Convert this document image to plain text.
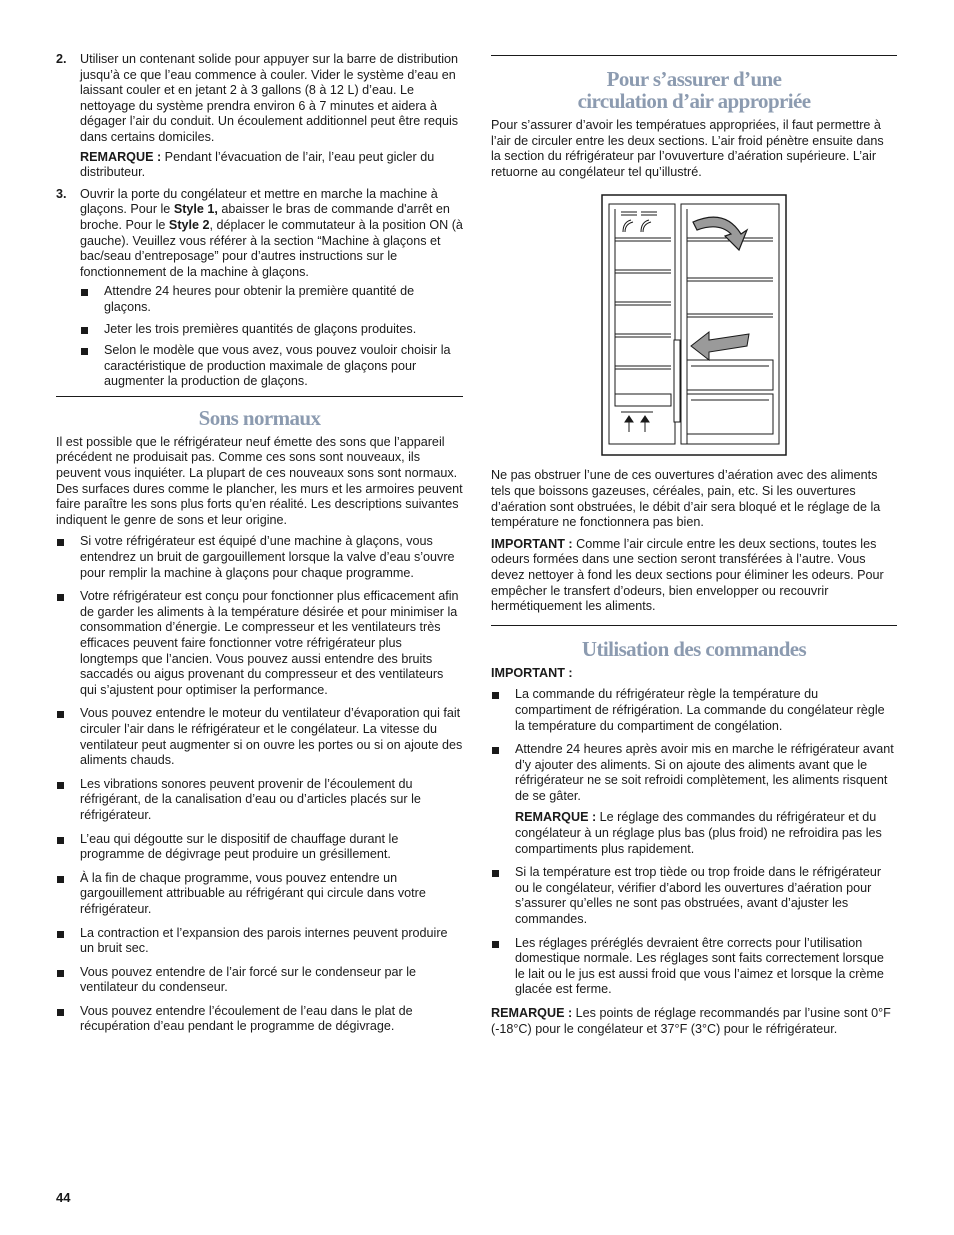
2. Utiliser un contenant solide pour appuyer sur la barre de distribution jusqu’à ce que l’eau commence à couler. Vider le système d’eau en laissant couler et en jetant 2 à 3 gallons (8 à 12 L) d’eau. Le nettoyage du système prendra environ 6 à 7 minutes et aidera à dégager l’air du conduit. Un écoulement additionnel peut être requis dans certains domiciles.

REMARQUE : Pendant l’évacuation de l’air, l’eau peut gicler du distributeur.

3. Ouvrir la porte du congélateur et mettre en marche la machine à glaçons. Pour le Style 1, abaisser le bras de commande d'arrêt en broche. Pour le Style 2, déplacer le commutateur à la position ON (à gauche). Veuillez vous référer à la section “Machine à glaçons et bac/seau d’entreposage” pour d’autres instructions sur le fonctionnement de la machine à glaçons.

Attendre 24 heures pour obtenir la première quantité de glaçons.
Jeter les trois premières quantités de glaçons produites.
Selon le modèle que vous avez, vous pouvez vouloir choisir la caractéristique de production maximale de glaçons pour augmenter la production de glaçons.
Sons normaux

Il est possible que le réfrigérateur neuf émette des sons que l’appareil précédent ne produisait pas. Comme ces sons sont nouveaux, ils peuvent vous inquiéter. La plupart de ces nouveaux sons sont normaux. Des surfaces dures comme le plancher, les murs et les armoires peuvent faire paraître les sons plus forts qu’en réalité. Les descriptions suivantes indiquent le genre de sons et leur origine.

Si votre réfrigérateur est équipé d’une machine à glaçons, vous entendrez un bruit de gargouillement lorsque la valve d’eau s’ouvre pour remplir la machine à glaçons pour chaque programme.
Votre réfrigérateur est conçu pour fonctionner plus efficacement afin de garder les aliments à la température désirée et pour minimiser la consommation d’énergie. Le compresseur et les ventilateurs très efficaces peuvent faire fonctionner votre réfrigérateur plus longtemps que l’ancien. Vous pouvez aussi entendre des bruits saccadés ou aigus provenant du compresseur et des ventilateurs qui s’ajustent pour optimiser la performance.
Vous pouvez entendre le moteur du ventilateur d’évaporation qui fait circuler l’air dans le réfrigérateur et le congélateur. La vitesse du ventilateur peut augmenter si on ouvre les portes ou si on ajoute des aliments chauds.
Les vibrations sonores peuvent provenir de l’écoulement du réfrigérant, de la canalisation d’eau ou d’articles placés sur le réfrigérateur.
L’eau qui dégoutte sur le dispositif de chauffage durant le programme de dégivrage peut produire un grésillement.
À la fin de chaque programme, vous pouvez entendre un gargouillement attribuable au réfrigérant qui circule dans votre réfrigérateur.
La contraction et l’expansion des parois internes peuvent produire un bruit sec.
Vous pouvez entendre de l’air forcé sur le condenseur par le ventilateur du condenseur.
Vous pouvez entendre l’écoulement de l’eau dans le plat de récupération d’eau pendant le programme de dégivrage.
Pour s’assurer d’une
circulation d’air appropriée

Pour s’assurer d’avoir les températues appropriées, il faut permettre à l’air de circuler entre les deux sections. L’air froid pénètre ensuite dans la section du réfrigérateur par l’ovuverture d’aération supérieure. L’air retuorne au congélateur tel qu’illustré.

Ne pas obstruer l’une de ces ouvertures d’aération avec des aliments tels que boissons gazeuses, céréales, pain, etc. Si les ouvertures d’aération sont obstruées, le débit d’air sera bloqué et le réglage de la température ne fonctionnera pas bien.

IMPORTANT : Comme l’air circule entre les deux sections, toutes les odeurs formées dans une section seront transférées à l’autre. Vous devez nettoyer à fond les deux sections pour éliminer les odeurs. Pour empêcher le transfert d’odeurs, bien envelopper ou recouvrir hermétiquement les aliments.

Utilisation des commandes

IMPORTANT :

La commande du réfrigérateur règle la température du compartiment de réfrigération. La commande du congélateur règle la température du compartiment de congélation.

Attendre 24 heures après avoir mis en marche le réfrigérateur avant d’y ajouter des aliments. Si on ajoute des aliments avant que le réfrigérateur ne se soit refroidi complètement, les aliments risquent de se gâter.

REMARQUE : Le réglage des commandes du réfrigérateur et du congélateur à un réglage plus bas (plus froid) ne refroidira pas les compartiments plus rapidement.

Si la température est trop tiède ou trop froide dans le réfrigérateur ou le congélateur, vérifier d’abord les ouvertures d’aération pour s’assurer qu’elles ne sont pas obstruées, avant d’ajuster les commandes.
Les réglages préréglés devraient être corrects pour l’utilisation domestique normale. Les réglages sont faits correctement lorsque le lait ou le jus est aussi froid que vous l’aimez et lorsque la crème glacée est ferme.

REMARQUE : Les points de réglage recommandés par l’usine sont 0°F (-18°C) pour le congélateur et 37°F (3°C) pour le réfrigérateur.

44
